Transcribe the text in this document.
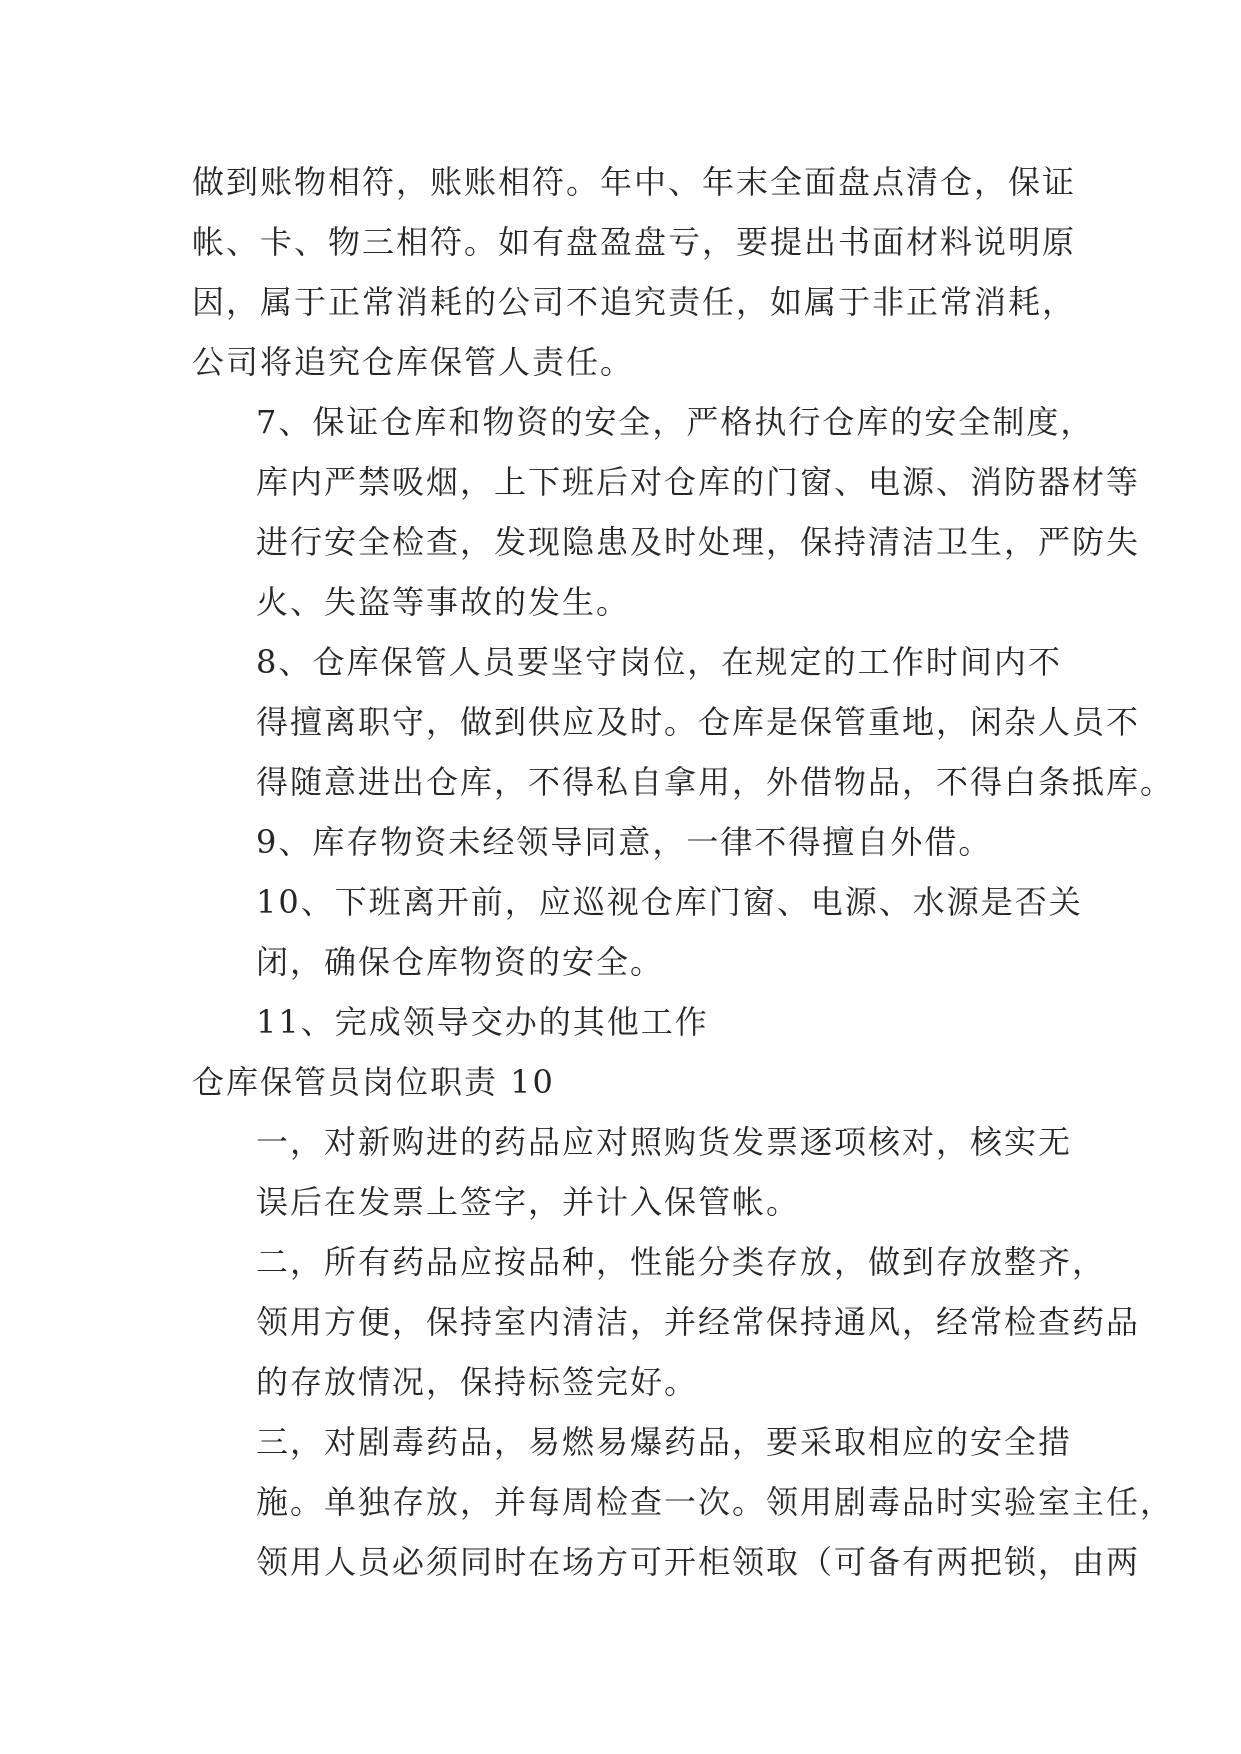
做到账物相符，账账相符。年中、年末全面盘点清仓，保证
帐、卡、物三相符。如有盘盈盘亏，要提出书面材料说明原
因，属于正常消耗的公司不追究责任，如属于非正常消耗，
公司将追究仓库保管人责任。
7、保证仓库和物资的安全，严格执行仓库的安全制度，
库内严禁吸烟，上下班后对仓库的门窗、电源、消防器材等
进行安全检查，发现隐患及时处理，保持清洁卫生，严防失
火、失盗等事故的发生。
8、仓库保管人员要坚守岗位，在规定的工作时间内不
得擅离职守，做到供应及时。仓库是保管重地，闲杂人员不
得随意进出仓库，不得私自拿用，外借物品，不得白条抵库。
9、库存物资未经领导同意，一律不得擅自外借。
10、下班离开前，应巡视仓库门窗、电源、水源是否关
闭，确保仓库物资的安全。
11、完成领导交办的其他工作
仓库保管员岗位职责 10
一，对新购进的药品应对照购货发票逐项核对，核实无
误后在发票上签字，并计入保管帐。
二，所有药品应按品种，性能分类存放，做到存放整齐，
领用方便，保持室内清洁，并经常保持通风，经常检查药品
的存放情况，保持标签完好。
三，对剧毒药品，易燃易爆药品，要采取相应的安全措
施。单独存放，并每周检查一次。领用剧毒品时实验室主任，
领用人员必须同时在场方可开柜领取（可备有两把锁，由两
